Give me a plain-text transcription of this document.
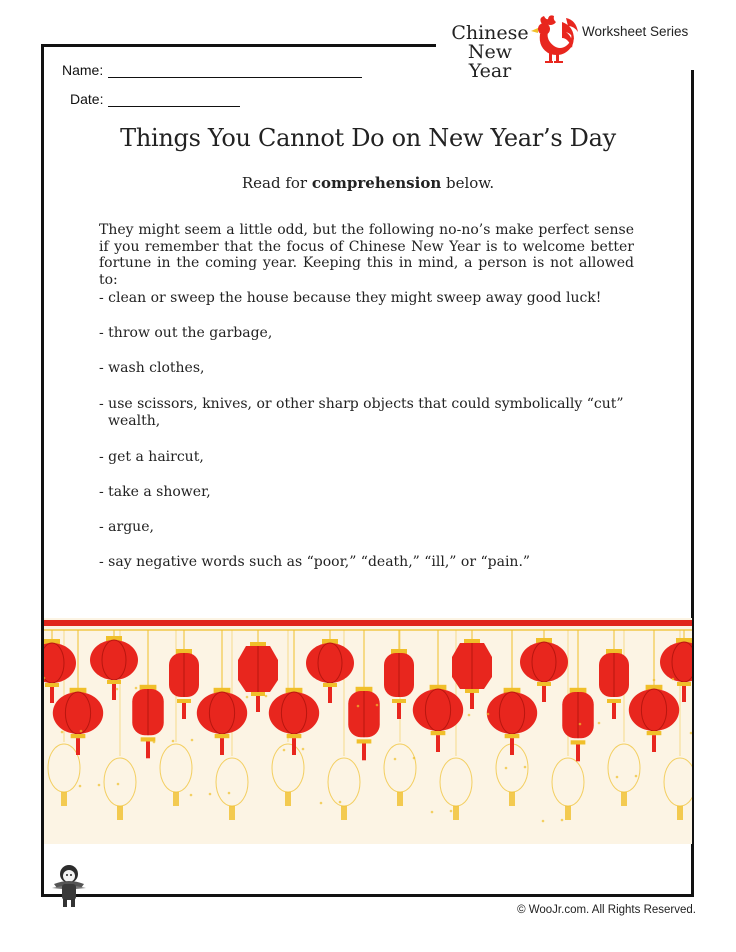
Chinese
New Year
Worksheet Series
Name:
Date:
Things You Cannot Do on New Year’s Day
Read for comprehension below.
They might seem a little odd, but the following no-no’s make perfect sense if you remember that the focus of Chinese New Year is to welcome better fortune in the coming year. Keeping this in mind, a person is not allowed to:
- clean or sweep the house because they might sweep away good luck!
- throw out the garbage,
- wash clothes,
- use scissors, knives, or other sharp objects that could symbolically “cut”
wealth,
- get a haircut,
- take a shower,
- argue,
- say negative words such as “poor,” “death,” “ill,” or “pain.”
© WooJr.com. All Rights Reserved.
